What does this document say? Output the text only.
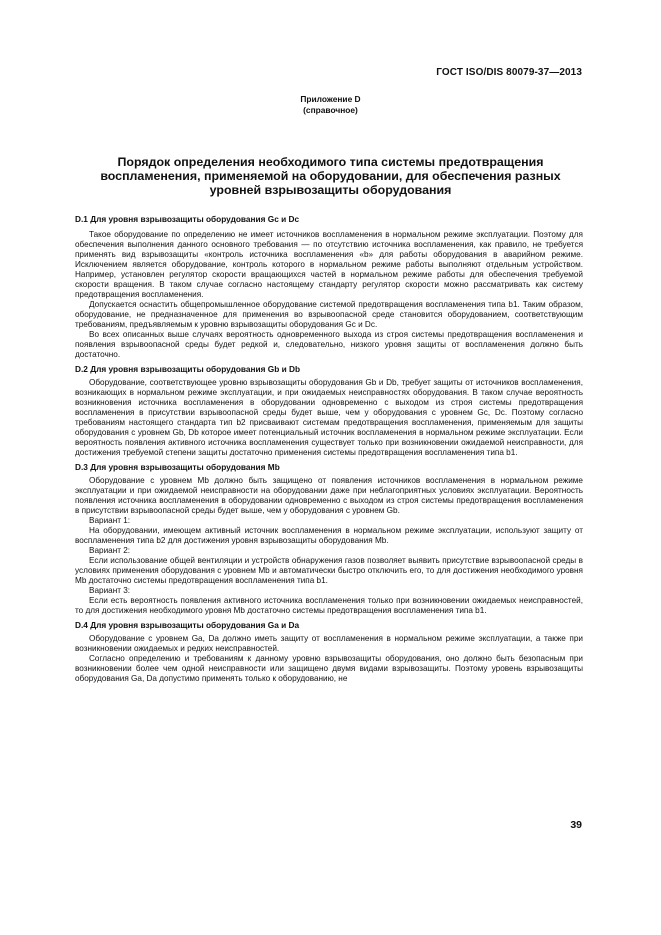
ГОСТ ISO/DIS 80079-37—2013
Приложение D
(справочное)
Порядок определения необходимого типа системы предотвращения
воспламенения, применяемой на оборудовании, для обеспечения разных
уровней взрывозащиты оборудования
D.1 Для уровня взрывозащиты оборудования Gc и Dc

Такое оборудование по определению не имеет источников воспламенения в нормальном режиме эксплуатации. Поэтому для обеспечения выполнения данного основного требования — по отсутствию источника воспламенения, как правило, не требуется применять вид взрывозащиты «контроль источника воспламенения «b» для работы оборудования в аварийном режиме. Исключением является оборудование, контроль которого в нормальном режиме работы выполняют отдельным устройством. Например, установлен регулятор скорости вращающихся частей в нормальном режиме работы для обеспечения требуемой скорости вращения. В таком случае согласно настоящему стандарту регулятор скорости можно рассматривать как систему предотвращения воспламенения.

Допускается оснастить общепромышленное оборудование системой предотвращения воспламенения типа b1. Таким образом, оборудование, не предназначенное для применения во взрывоопасной среде становится оборудованием, соответствующим требованиям, предъявляемым к уровню взрывозащиты оборудования Gc и Dc.

Во всех описанных выше случаях вероятность одновременного выхода из строя системы предотвращения воспламенения и появления взрывоопасной среды будет редкой и, следовательно, низкого уровня защиты от воспламенения должно быть достаточно.

D.2 Для уровня взрывозащиты оборудования Gb и Db

Оборудование, соответствующее уровню взрывозащиты оборудования Gb и Db, требует защиты от источников воспламенения, возникающих в нормальном режиме эксплуатации, и при ожидаемых неисправностях оборудования. В таком случае вероятность возникновения источника воспламенения в оборудовании одновременно с выходом из строя системы предотвращения воспламенения в присутствии взрывоопасной среды будет выше, чем у оборудования с уровнем Gc, Dc. Поэтому согласно требованиям настоящего стандарта тип b2 присваивают системам предотвращения воспламенения, применяемым для защиты оборудования с уровнем Gb, Db которое имеет потенциальный источник воспламенения в нормальном режиме эксплуатации. Если вероятность появления активного источника воспламенения существует только при возникновении ожидаемой неисправности, для достижения требуемой степени защиты достаточно применения системы предотвращения воспламенения типа b1.

D.3 Для уровня взрывозащиты оборудования Mb

Оборудование с уровнем Mb должно быть защищено от появления источников воспламенения в нормальном режиме эксплуатации и при ожидаемой неисправности на оборудовании даже при неблагоприятных условиях эксплуатации. Вероятность появления источника воспламенения в оборудовании одновременно с выходом из строя системы предотвращения воспламенения в присутствии взрывоопасной среды будет выше, чем у оборудования с уровнем Gb.

Вариант 1:

На оборудовании, имеющем активный источник воспламенения в нормальном режиме эксплуатации, используют защиту от воспламенения типа b2 для достижения уровня взрывозащиты оборудования Mb.

Вариант 2:

Если использование общей вентиляции и устройств обнаружения газов позволяет выявить присутствие взрывоопасной среды в условиях применения оборудования с уровнем Mb и автоматически быстро отключить его, то для достижения необходимого уровня Mb достаточно системы предотвращения воспламенения типа b1.

Вариант 3:

Если есть вероятность появления активного источника воспламенения только при возникновении ожидаемых неисправностей, то для достижения необходимого уровня Mb достаточно системы предотвращения воспламенения типа b1.

D.4 Для уровня взрывозащиты оборудования Ga и Da

Оборудование с уровнем Ga, Da должно иметь защиту от воспламенения в нормальном режиме эксплуатации, а также при возникновении ожидаемых и редких неисправностей.

Согласно определению и требованиям к данному уровню взрывозащиты оборудования, оно должно быть безопасным при возникновении более чем одной неисправности или защищено двумя видами взрывозащиты. Поэтому уровень взрывозащиты оборудования Ga, Da допустимо применять только к оборудованию, не

39
